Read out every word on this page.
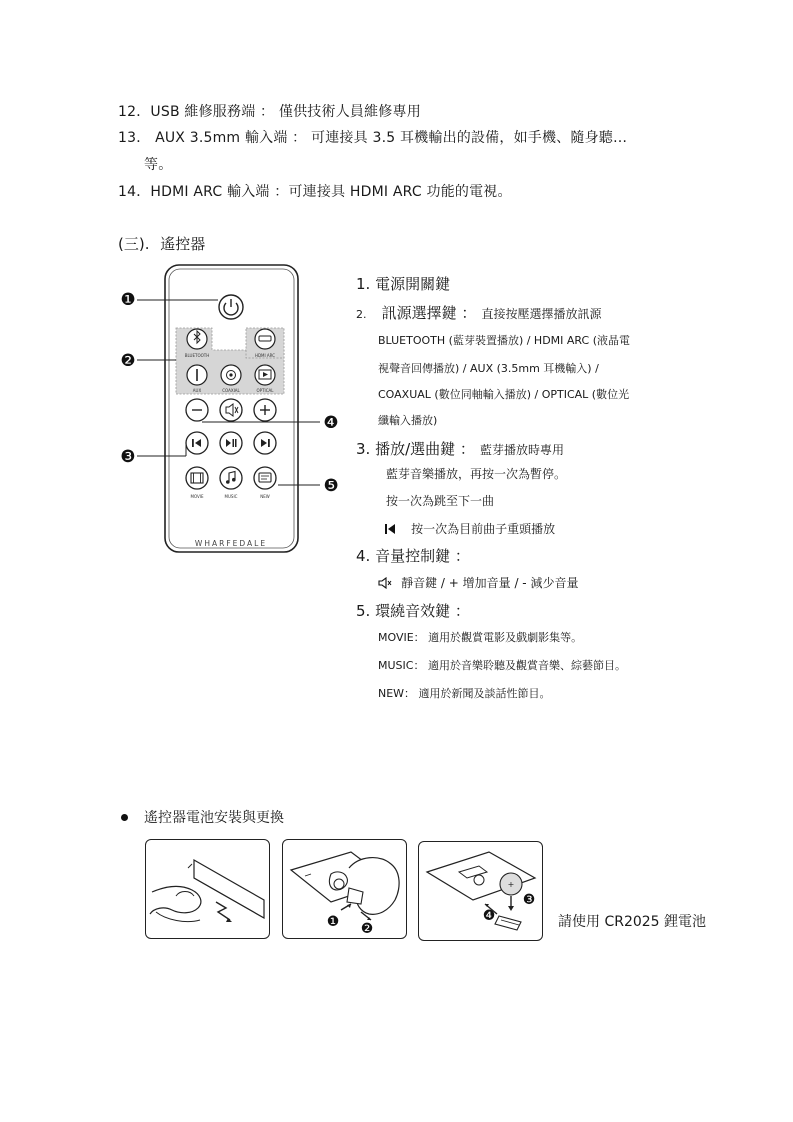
12．USB 維修服務端 ： 僅供技術人員維修專用
13． AUX 3.5mm 輸入端 ： 可連接具 3.5 耳機輸出的設備，如手機、隨身聽…
等。
14．HDMI ARC 輸入端 ：可連接具 HDMI ARC 功能的電視。
(三). 遙控器
BLUETOOTH	HDMI ARC
AUX	COAXIAL	OPTICAL
MOVIE	MUSIC	NEW
WHARFEDALE
❶
❷
❸
❹
❺
1. 電源開關鍵
2. 訊源選擇鍵 ： 直接按壓選擇播放訊源
BLUETOOTH (藍芽裝置播放) / HDMI ARC (液晶電
視聲音回傳播放) / AUX (3.5mm 耳機輸入) /
COAXUAL (數位同軸輸入播放) / OPTICAL (數位光
纖輸入播放)
3. 播放/選曲鍵 ： 藍芽播放時專用
藍芽音樂播放，再按一次為暫停。
按一次為跳至下一曲
按一次為目前曲子重頭播放
4. 音量控制鍵 ：
靜音鍵 / + 增加音量 / - 減少音量
5. 環繞音效鍵 ：
MOVIE： 適用於觀賞電影及戲劇影集等。
MUSIC： 適用於音樂聆聽及觀賞音樂、綜藝節目。
NEW： 適用於新聞及談話性節目。
遙控器電池安裝與更換
❶ ❷
+
❸
❹	請使用 CR2025 鋰電池
